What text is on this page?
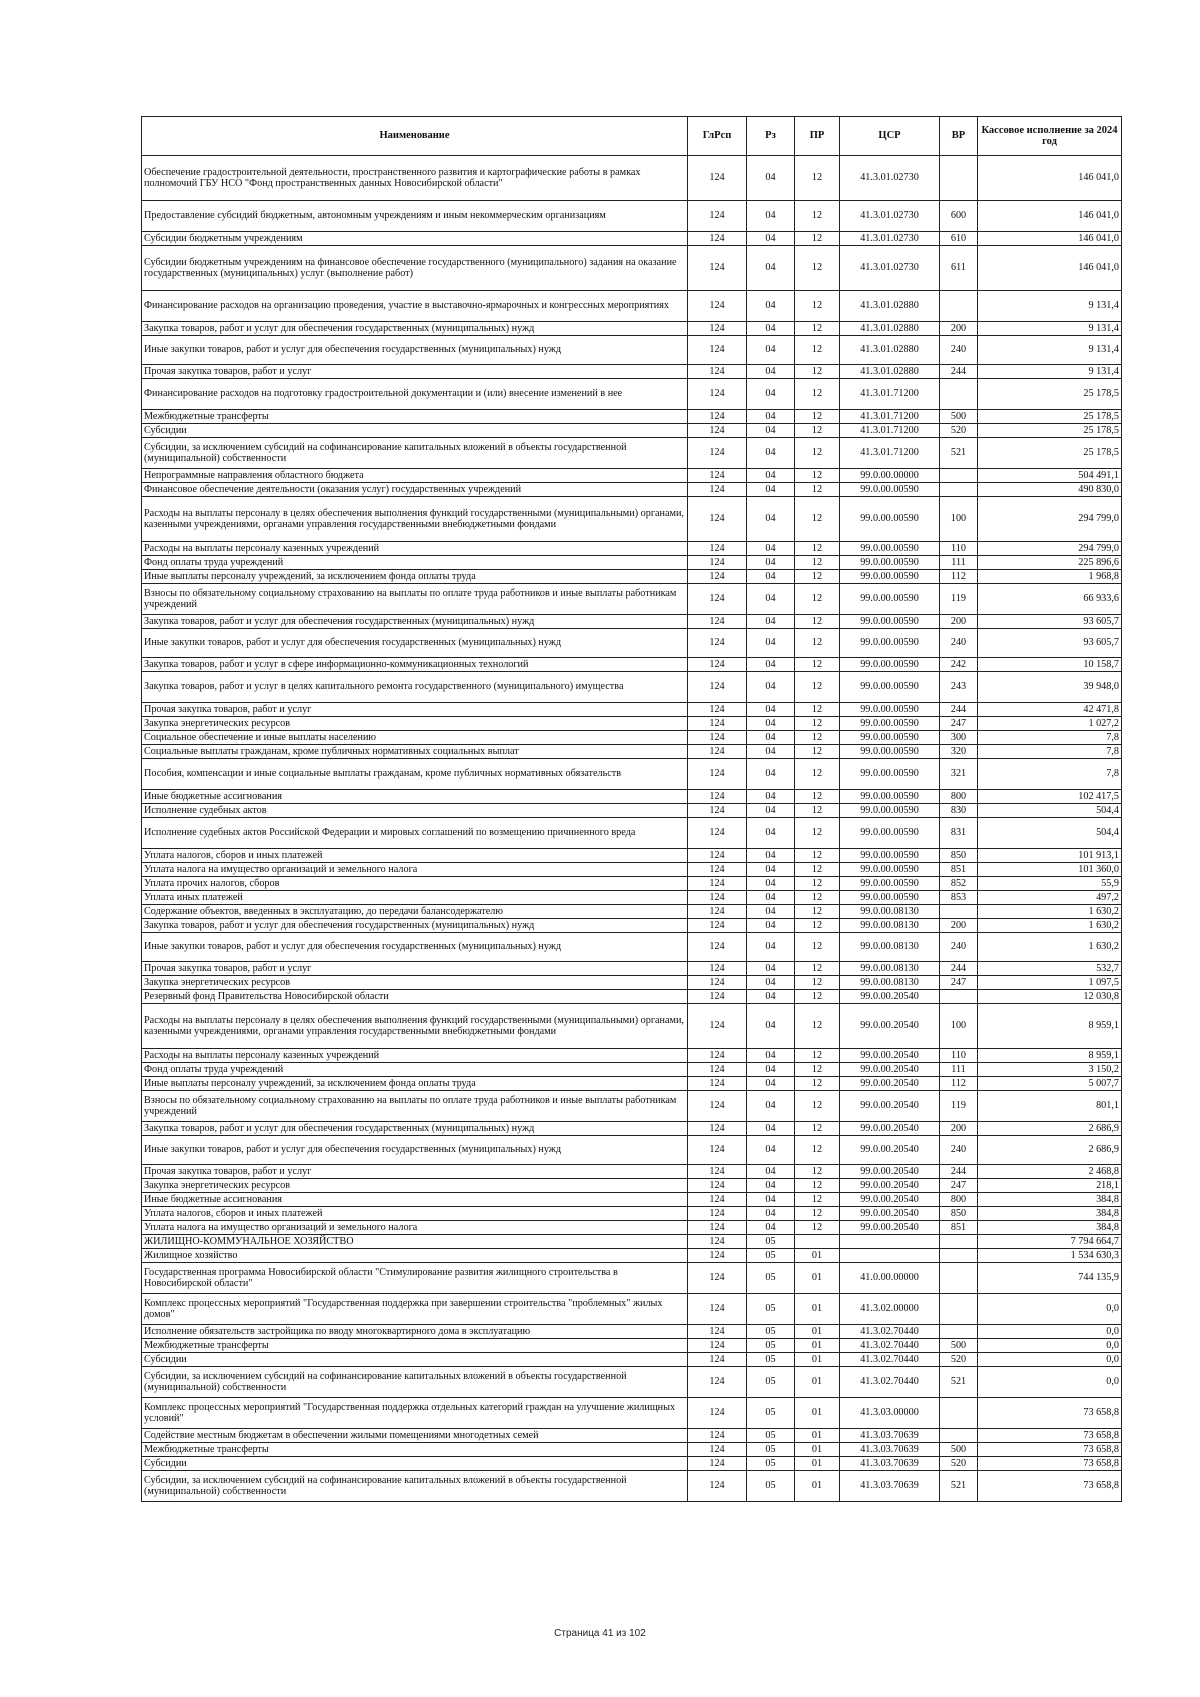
Наименование	ГлРсп	Рз	ПР	ЦСР	ВР	Кассовое исполнение за 2024 год
Обеспечение градостроительной деятельности, пространственного развития и картографические работы в рамках полномочий ГБУ НСО "Фонд пространственных данных Новосибирской области"	124	04	12	41.3.01.02730		146 041,0
Предоставление субсидий бюджетным, автономным учреждениям и иным некоммерческим организациям	124	04	12	41.3.01.02730	600	146 041,0
Субсидии бюджетным учреждениям	124	04	12	41.3.01.02730	610	146 041,0
Субсидии бюджетным учреждениям на финансовое обеспечение государственного (муниципального) задания на оказание государственных (муниципальных) услуг (выполнение работ)	124	04	12	41.3.01.02730	611	146 041,0
Финансирование расходов на организацию проведения, участие в выставочно-ярмарочных и конгрессных мероприятиях	124	04	12	41.3.01.02880		9 131,4
Закупка товаров, работ и услуг для обеспечения государственных (муниципальных) нужд	124	04	12	41.3.01.02880	200	9 131,4
Иные закупки товаров, работ и услуг для обеспечения государственных (муниципальных) нужд	124	04	12	41.3.01.02880	240	9 131,4
Прочая закупка товаров, работ и услуг	124	04	12	41.3.01.02880	244	9 131,4
Финансирование расходов на подготовку градостроительной документации и (или) внесение изменений в нее	124	04	12	41.3.01.71200		25 178,5
Межбюджетные трансферты	124	04	12	41.3.01.71200	500	25 178,5
Субсидии	124	04	12	41.3.01.71200	520	25 178,5
Субсидии, за исключением субсидий на софинансирование капитальных вложений в объекты государственной (муниципальной) собственности	124	04	12	41.3.01.71200	521	25 178,5
Непрограммные направления областного бюджета	124	04	12	99.0.00.00000		504 491,1
Финансовое обеспечение деятельности (оказания услуг) государственных учреждений	124	04	12	99.0.00.00590		490 830,0
Расходы на выплаты персоналу в целях обеспечения выполнения функций государственными (муниципальными) органами, казенными учреждениями, органами управления государственными внебюджетными фондами	124	04	12	99.0.00.00590	100	294 799,0
Расходы на выплаты персоналу казенных учреждений	124	04	12	99.0.00.00590	110	294 799,0
Фонд оплаты труда учреждений	124	04	12	99.0.00.00590	111	225 896,6
Иные выплаты персоналу учреждений, за исключением фонда оплаты труда	124	04	12	99.0.00.00590	112	1 968,8
Взносы по обязательному социальному страхованию на выплаты по оплате труда работников и иные выплаты работникам учреждений	124	04	12	99.0.00.00590	119	66 933,6
Закупка товаров, работ и услуг для обеспечения государственных (муниципальных) нужд	124	04	12	99.0.00.00590	200	93 605,7
Иные закупки товаров, работ и услуг для обеспечения государственных (муниципальных) нужд	124	04	12	99.0.00.00590	240	93 605,7
Закупка товаров, работ и услуг в сфере информационно-коммуникационных технологий	124	04	12	99.0.00.00590	242	10 158,7
Закупка товаров, работ и услуг в целях капитального ремонта государственного (муниципального) имущества	124	04	12	99.0.00.00590	243	39 948,0
Прочая закупка товаров, работ и услуг	124	04	12	99.0.00.00590	244	42 471,8
Закупка энергетических ресурсов	124	04	12	99.0.00.00590	247	1 027,2
Социальное обеспечение и иные выплаты населению	124	04	12	99.0.00.00590	300	7,8
Социальные выплаты гражданам, кроме публичных нормативных социальных выплат	124	04	12	99.0.00.00590	320	7,8
Пособия, компенсации и иные социальные выплаты гражданам, кроме публичных нормативных обязательств	124	04	12	99.0.00.00590	321	7,8
Иные бюджетные ассигнования	124	04	12	99.0.00.00590	800	102 417,5
Исполнение судебных актов	124	04	12	99.0.00.00590	830	504,4
Исполнение судебных актов Российской Федерации и мировых соглашений по возмещению причиненного вреда	124	04	12	99.0.00.00590	831	504,4
Уплата налогов, сборов и иных платежей	124	04	12	99.0.00.00590	850	101 913,1
Уплата налога на имущество организаций и земельного налога	124	04	12	99.0.00.00590	851	101 360,0
Уплата прочих налогов, сборов	124	04	12	99.0.00.00590	852	55,9
Уплата иных платежей	124	04	12	99.0.00.00590	853	497,2
Содержание объектов, введенных в эксплуатацию, до передачи балансодержателю	124	04	12	99.0.00.08130		1 630,2
Закупка товаров, работ и услуг для обеспечения государственных (муниципальных) нужд	124	04	12	99.0.00.08130	200	1 630,2
Иные закупки товаров, работ и услуг для обеспечения государственных (муниципальных) нужд	124	04	12	99.0.00.08130	240	1 630,2
Прочая закупка товаров, работ и услуг	124	04	12	99.0.00.08130	244	532,7
Закупка энергетических ресурсов	124	04	12	99.0.00.08130	247	1 097,5
Резервный фонд Правительства Новосибирской области	124	04	12	99.0.00.20540		12 030,8
Расходы на выплаты персоналу в целях обеспечения выполнения функций государственными (муниципальными) органами, казенными учреждениями, органами управления государственными внебюджетными фондами	124	04	12	99.0.00.20540	100	8 959,1
Расходы на выплаты персоналу казенных учреждений	124	04	12	99.0.00.20540	110	8 959,1
Фонд оплаты труда учреждений	124	04	12	99.0.00.20540	111	3 150,2
Иные выплаты персоналу учреждений, за исключением фонда оплаты труда	124	04	12	99.0.00.20540	112	5 007,7
Взносы по обязательному социальному страхованию на выплаты по оплате труда работников и иные выплаты работникам учреждений	124	04	12	99.0.00.20540	119	801,1
Закупка товаров, работ и услуг для обеспечения государственных (муниципальных) нужд	124	04	12	99.0.00.20540	200	2 686,9
Иные закупки товаров, работ и услуг для обеспечения государственных (муниципальных) нужд	124	04	12	99.0.00.20540	240	2 686,9
Прочая закупка товаров, работ и услуг	124	04	12	99.0.00.20540	244	2 468,8
Закупка энергетических ресурсов	124	04	12	99.0.00.20540	247	218,1
Иные бюджетные ассигнования	124	04	12	99.0.00.20540	800	384,8
Уплата налогов, сборов и иных платежей	124	04	12	99.0.00.20540	850	384,8
Уплата налога на имущество организаций и земельного налога	124	04	12	99.0.00.20540	851	384,8
ЖИЛИЩНО-КОММУНАЛЬНОЕ ХОЗЯЙСТВО	124	05				7 794 664,7
Жилищное хозяйство	124	05	01			1 534 630,3
Государственная программа Новосибирской области "Стимулирование развития жилищного строительства в Новосибирской области"	124	05	01	41.0.00.00000		744 135,9
Комплекс процессных мероприятий "Государственная поддержка при завершении строительства "проблемных" жилых домов"	124	05	01	41.3.02.00000		0,0
Исполнение обязательств застройщика по вводу многоквартирного дома в эксплуатацию	124	05	01	41.3.02.70440		0,0
Межбюджетные трансферты	124	05	01	41.3.02.70440	500	0,0
Субсидии	124	05	01	41.3.02.70440	520	0,0
Субсидии, за исключением субсидий на софинансирование капитальных вложений в объекты государственной (муниципальной) собственности	124	05	01	41.3.02.70440	521	0,0
Комплекс процессных мероприятий "Государственная поддержка отдельных категорий граждан на улучшение жилищных условий"	124	05	01	41.3.03.00000		73 658,8
Содействие местным бюджетам в обеспечении жилыми помещениями многодетных семей	124	05	01	41.3.03.70639		73 658,8
Межбюджетные трансферты	124	05	01	41.3.03.70639	500	73 658,8
Субсидии	124	05	01	41.3.03.70639	520	73 658,8
Субсидии, за исключением субсидий на софинансирование капитальных вложений в объекты государственной (муниципальной) собственности	124	05	01	41.3.03.70639	521	73 658,8
Страница 41 из 102
